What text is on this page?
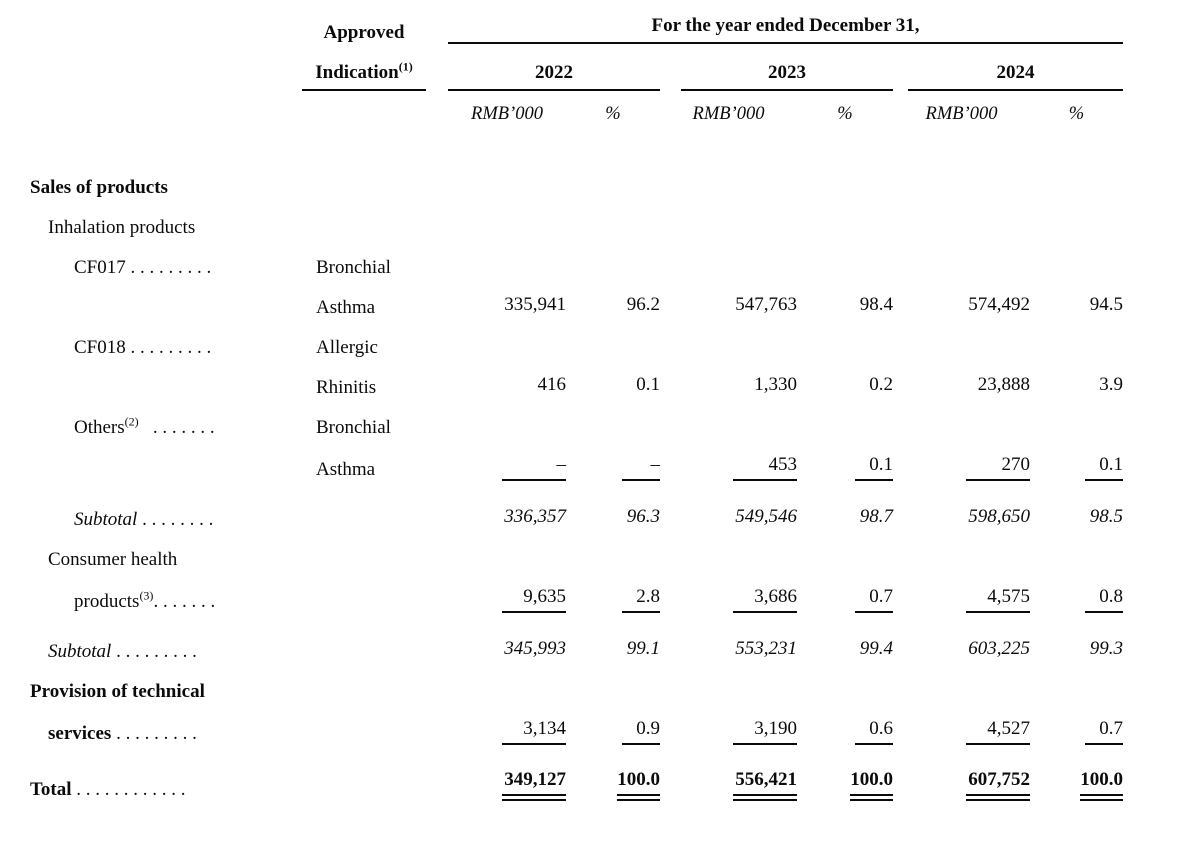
	Approved	For the year ended December 31,					

	Indication$^{(1)}$	2022		2023		2024	

		RMB’000	%	RMB’000	%	RMB’000	%

Sales of products							
Inhalation products							
CF017 . . . . . . . . .	Bronchial						
	Asthma	335,941	96.2	547,763	98.4	574,492	94.5
CF018 . . . . . . . . .	Allergic						
	Rhinitis	416	0.1	1,330	0.2	23,888	3.9
Others$^{(2)}$   . . . . . . .	Bronchial						
	Asthma	–	–	453	0.1	270	0.1
Subtotal . . . . . . . .		336,357	96.3	549,546	98.7	598,650	98.5
Consumer health							
products$^{(3)}$. . . . . . .		9,635	2.8	3,686	0.7	4,575	0.8
Subtotal . . . . . . . . .		345,993	99.1	553,231	99.4	603,225	99.3
Provision of technical							
services . . . . . . . . .		3,134	0.9	3,190	0.6	4,527	0.7
Total . . . . . . . . . . . .		349,127	100.0	556,421	100.0	607,752	100.0
